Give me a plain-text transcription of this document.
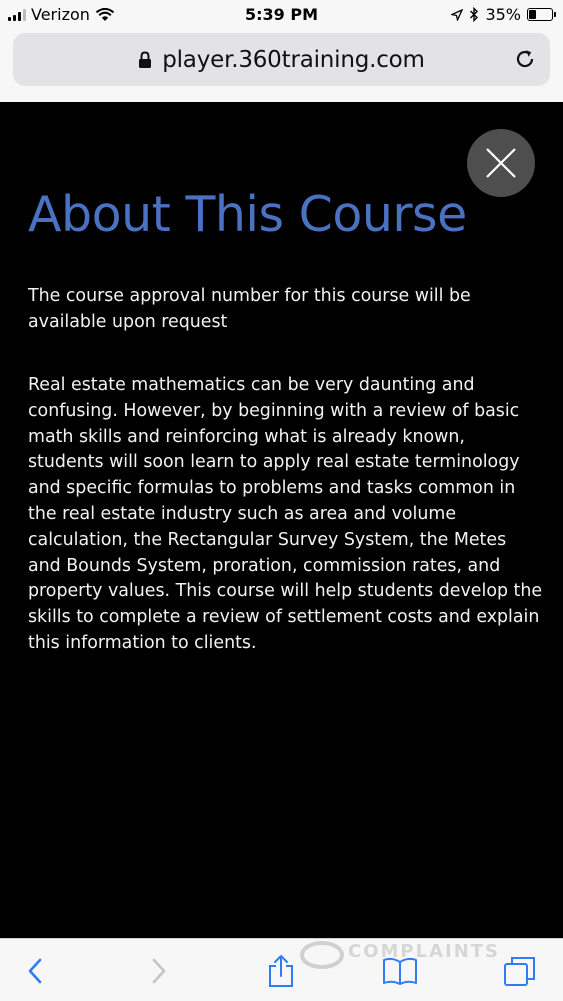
Verizon	5:39 PM	35%
player.360training.com
About This Course

The course approval number for this course will be available upon request

Real estate mathematics can be very daunting and confusing. However, by beginning with a review of basic math skills and reinforcing what is already known, students will soon learn to apply real estate terminology and specific formulas to problems and tasks common in the real estate industry such as area and volume calculation, the Rectangular Survey System, the Metes and Bounds System, proration, commission rates, and property values. This course will help students develop the skills to complete a review of settlement costs and explain this information to clients.

COMPLAINTS
